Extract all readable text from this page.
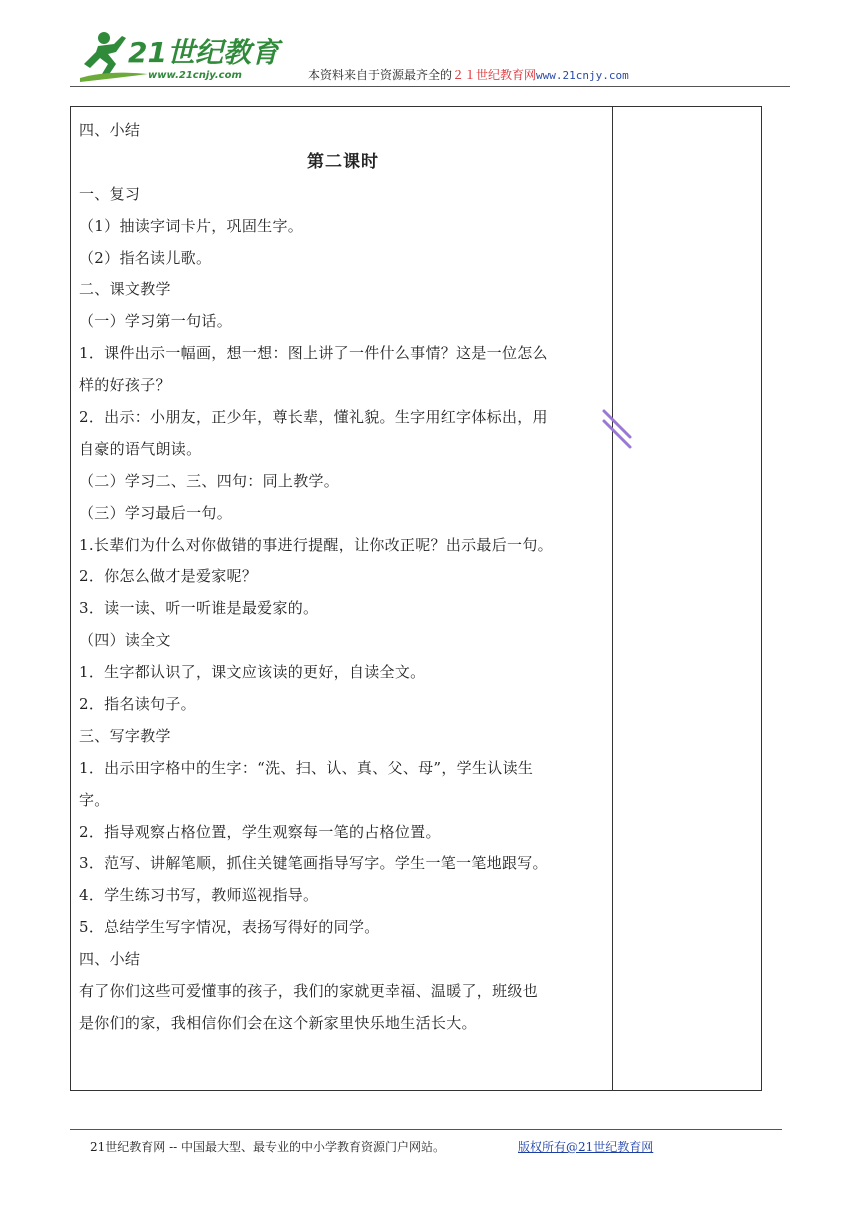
21世纪教育
www.21cnjy.com	本资料来自于资源最齐全的２１世纪教育网www.21cnjy.com
四、小结
第二课时
一、复习
（1）抽读字词卡片，巩固生字。
（2）指名读儿歌。
二、课文教学
（一）学习第一句话。
1．课件出示一幅画，想一想：图上讲了一件什么事情？这是一位怎么
样的好孩子？
2．出示：小朋友，正少年，尊长辈，懂礼貌。生字用红字体标出，用
自豪的语气朗读。
（二）学习二、三、四句：同上教学。
（三）学习最后一句。
1.长辈们为什么对你做错的事进行提醒，让你改正呢？出示最后一句。
2．你怎么做才是爱家呢？
3．读一读、听一听谁是最爱家的。
（四）读全文
1．生字都认识了，课文应该读的更好，自读全文。
2．指名读句子。
三、写字教学
1．出示田字格中的生字：“洗、扫、认、真、父、母”，学生认读生
字。
2．指导观察占格位置，学生观察每一笔的占格位置。
3．范写、讲解笔顺，抓住关键笔画指导写字。学生一笔一笔地跟写。
4．学生练习书写，教师巡视指导。
5．总结学生写字情况，表扬写得好的同学。
四、小结
有了你们这些可爱懂事的孩子，我们的家就更幸福、温暖了，班级也
是你们的家，我相信你们会在这个新家里快乐地生活长大。
21世纪教育网 -- 中国最大型、最专业的中小学教育资源门户网站。	版权所有@21世纪教育网
